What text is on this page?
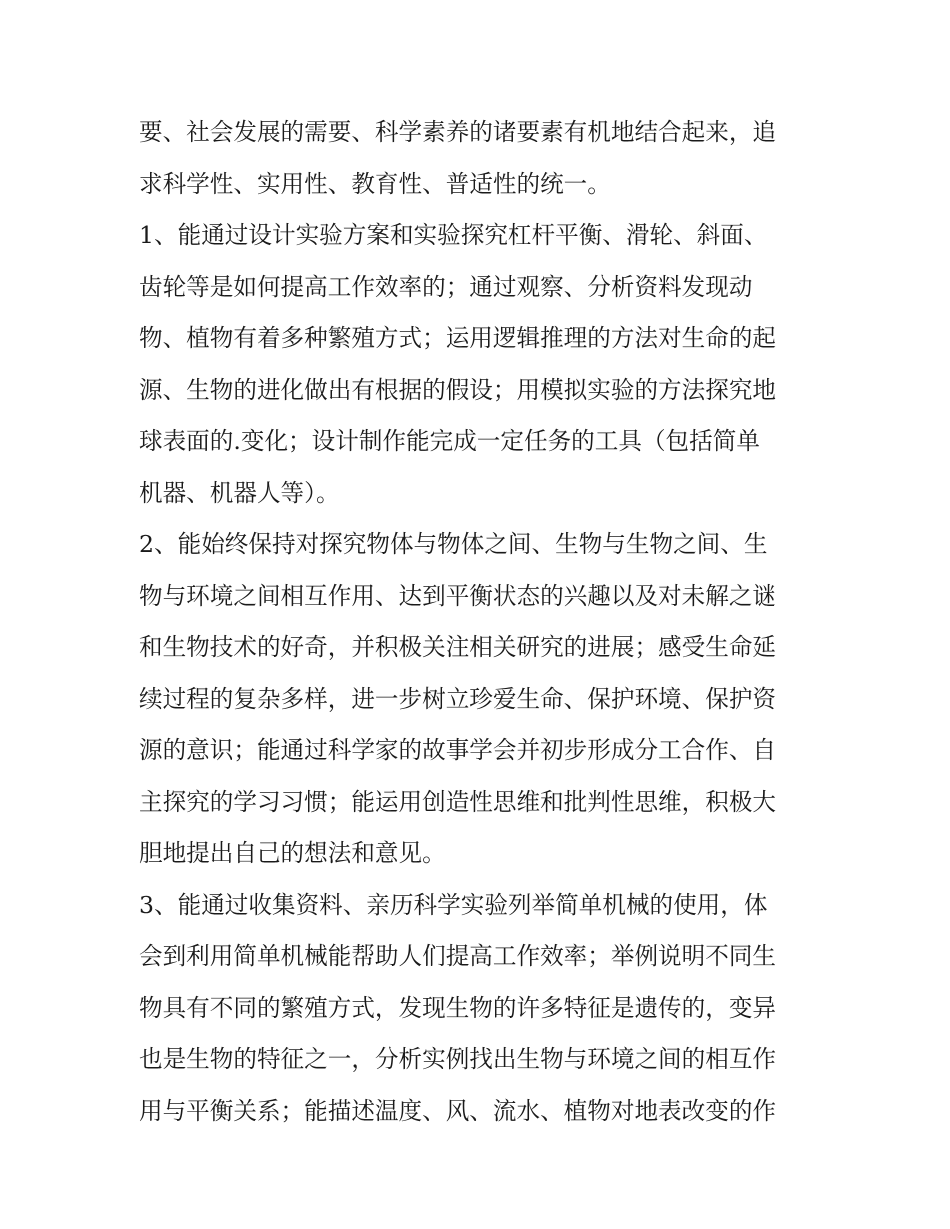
要、社会发展的需要、科学素养的诸要素有机地结合起来，追
求科学性、实用性、教育性、普适性的统一。
1、能通过设计实验方案和实验探究杠杆平衡、滑轮、斜面、
齿轮等是如何提高工作效率的；通过观察、分析资料发现动
物、植物有着多种繁殖方式；运用逻辑推理的方法对生命的起
源、生物的进化做出有根据的假设；用模拟实验的方法探究地
球表面的.变化；设计制作能完成一定任务的工具（包括简单
机器、机器人等）。
2、能始终保持对探究物体与物体之间、生物与生物之间、生
物与环境之间相互作用、达到平衡状态的兴趣以及对未解之谜
和生物技术的好奇，并积极关注相关研究的进展；感受生命延
续过程的复杂多样，进一步树立珍爱生命、保护环境、保护资
源的意识；能通过科学家的故事学会并初步形成分工合作、自
主探究的学习习惯；能运用创造性思维和批判性思维，积极大
胆地提出自己的想法和意见。
3、能通过收集资料、亲历科学实验列举简单机械的使用，体
会到利用简单机械能帮助人们提高工作效率；举例说明不同生
物具有不同的繁殖方式，发现生物的许多特征是遗传的，变异
也是生物的特征之一，分析实例找出生物与环境之间的相互作
用与平衡关系；能描述温度、风、流水、植物对地表改变的作
